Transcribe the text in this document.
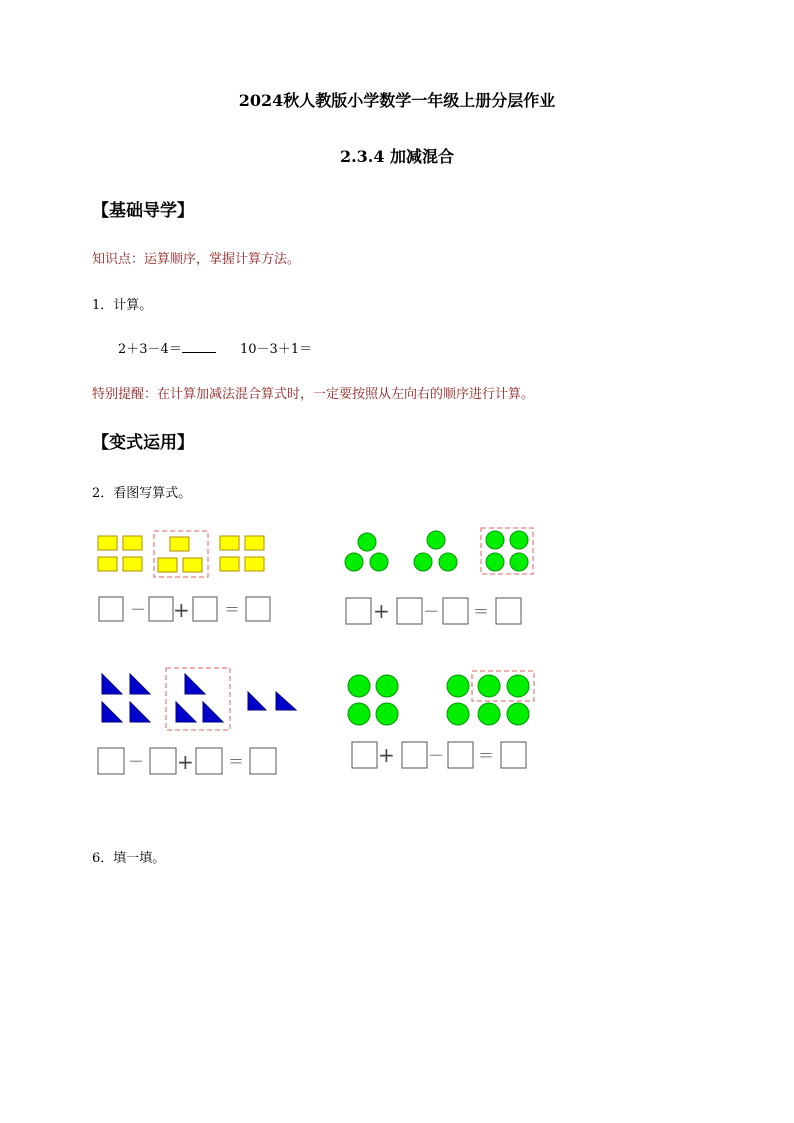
2024秋人教版小学数学一年级上册分层作业
2.3.4 加减混合
【基础导学】
知识点：运算顺序，掌握计算方法。
1．计算。
2＋3－4＝	10－3＋1＝
特别提醒：在计算加减法混合算式时，一定要按照从左向右的顺序进行计算。
【变式运用】
2．看图写算式。
－ + ＝	+ － ＝
－ + ＝	+ － ＝
6．填一填。
